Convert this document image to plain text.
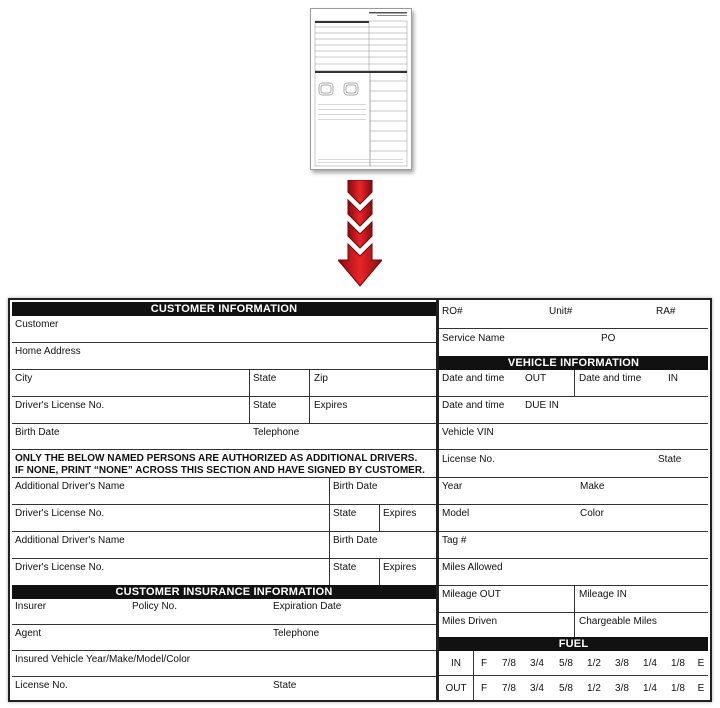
CUSTOMER INFORMATION
Customer
Home Address
City	State	Zip
Driver's License No.	State	Expires
Birth Date	Telephone
ONLY THE BELOW NAMED PERSONS ARE AUTHORIZED AS ADDITIONAL DRIVERS.
IF NONE, PRINT “NONE” ACROSS THIS SECTION AND HAVE SIGNED BY CUSTOMER.
Additional Driver's Name	Birth Date
Driver's License No.	State	Expires
Additional Driver's Name	Birth Date
Driver's License No.	State	Expires
CUSTOMER INSURANCE INFORMATION
Insurer	Policy No.	Expiration Date
Agent	Telephone
Insured Vehicle Year/Make/Model/Color
License No.	State
RO#	Unit#	RA#
Service Name	PO
VEHICLE INFORMATION
Date and time OUT	Date and time	IN
Date and time DUE IN
Vehicle VIN
License No.	State
Year	Make
Model	Color
Tag #
Miles Allowed
Mileage OUT	Mileage IN
Miles Driven	Chargeable Miles
FUEL
IN	F	7/8	3/4	5/8	1/2	3/8	1/4	1/8	E
OUT	F	7/8	3/4	5/8	1/2	3/8	1/4	1/8	E
